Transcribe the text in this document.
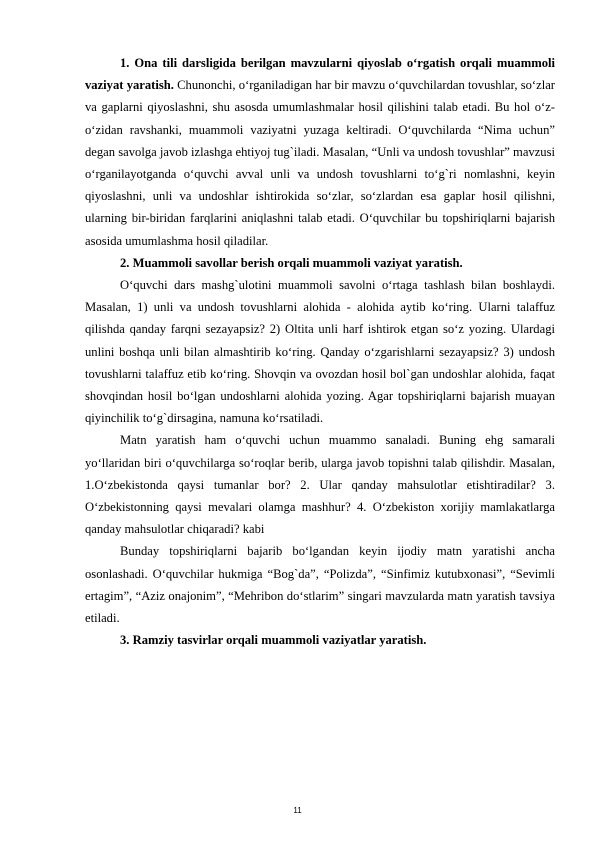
1. Ona tili darsligida berilgan mavzularni qiyoslab o‘rgatish orqali muammoli vaziyat yaratish. Chunonchi, o‘rganiladigan har bir mavzu o‘quvchilardan tovushlar, so‘zlar va gaplarni qiyoslashni, shu asosda umumlashmalar hosil qilishini talab etadi. Bu hol o‘z-o‘zidan ravshanki, muammoli vaziyatni yuzaga keltiradi. O‘quvchilarda “Nima uchun” degan savolga javob izlashga ehtiyoj tug`iladi. Masalan, “Unli va undosh tovushlar” mavzusi o‘rganilayotganda o‘quvchi avval unli va undosh tovushlarni to‘g`ri nomlashni, keyin qiyoslashni, unli va undoshlar ishtirokida so‘zlar, so‘zlardan esa gaplar hosil qilishni, ularning bir-biridan farqlarini aniqlashni talab etadi. O‘quvchilar bu topshiriqlarni bajarish asosida umumlashma hosil qiladilar.

2. Muammoli savollar berish orqali muammoli vaziyat yaratish.

O‘quvchi dars mashg`ulotini muammoli savolni o‘rtaga tashlash bilan boshlaydi. Masalan, 1) unli va undosh tovushlarni alohida - alohida aytib ko‘ring. Ularni talaffuz qilishda qanday farqni sezayapsiz? 2) Oltita unli harf ishtirok etgan so‘z yozing. Ulardagi unlini boshqa unli bilan almashtirib ko‘ring. Qanday o‘zgarishlarni sezayapsiz? 3) undosh tovushlarni talaffuz etib ko‘ring. Shovqin va ovozdan hosil bol`gan undoshlar alohida, faqat shovqindan hosil bo‘lgan undoshlarni alohida yozing. Agar topshiriqlarni bajarish muayan qiyinchilik to‘g`dirsagina, namuna ko‘rsatiladi.

Matn yaratish ham o‘quvchi uchun muammo sanaladi. Buning ehg samarali yo‘llaridan biri o‘quvchilarga so‘roqlar berib, ularga javob topishni talab qilishdir. Masalan, 1.O‘zbekistonda qaysi tumanlar bor? 2. Ular qanday mahsulotlar etishtiradilar? 3. O‘zbekistonning qaysi mevalari olamga mashhur? 4. O‘zbekiston xorijiy mamlakatlarga qanday mahsulotlar chiqaradi? kabi

Bunday topshiriqlarni bajarib bo‘lgandan keyin ijodiy matn yaratishi ancha osonlashadi. O‘quvchilar hukmiga “Bog`da”, “Polizda”, “Sinfimiz kutubxonasi”, “Sevimli ertagim”, “Aziz onajonim”, “Mehribon do‘stlarim” singari mavzularda matn yaratish tavsiya etiladi.

3. Ramziy tasvirlar orqali muammoli vaziyatlar yaratish.

11
